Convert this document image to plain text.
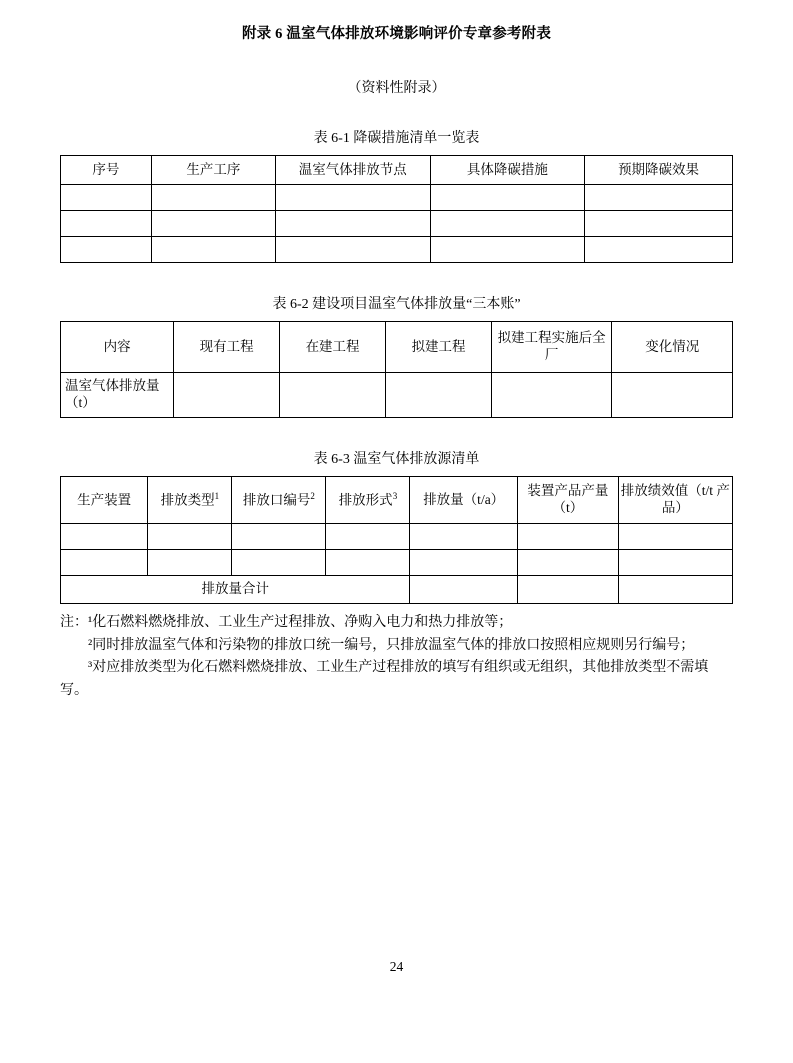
附录 6 温室气体排放环境影响评价专章参考附表
（资料性附录）
表 6-1 降碳措施清单一览表
序号	生产工序	温室气体排放节点	具体降碳措施	预期降碳效果

表 6-2 建设项目温室气体排放量“三本账”
内容	现有工程	在建工程	拟建工程	拟建工程实施后全厂	变化情况
温室气体排放量（t）					
表 6-3 温室气体排放源清单
生产装置	排放类型$^1$	排放口编号$^2$	排放形式$^3$	排放量（t/a）	装置产品产量（t）	排放绩效值（t/t 产品）

排放量合计						

注：¹化石燃料燃烧排放、工业生产过程排放、净购入电力和热力排放等；

²同时排放温室气体和污染物的排放口统一编号，只排放温室气体的排放口按照相应规则另行编号；

³对应排放类型为化石燃料燃烧排放、工业生产过程排放的填写有组织或无组织，其他排放类型不需填写。

24
